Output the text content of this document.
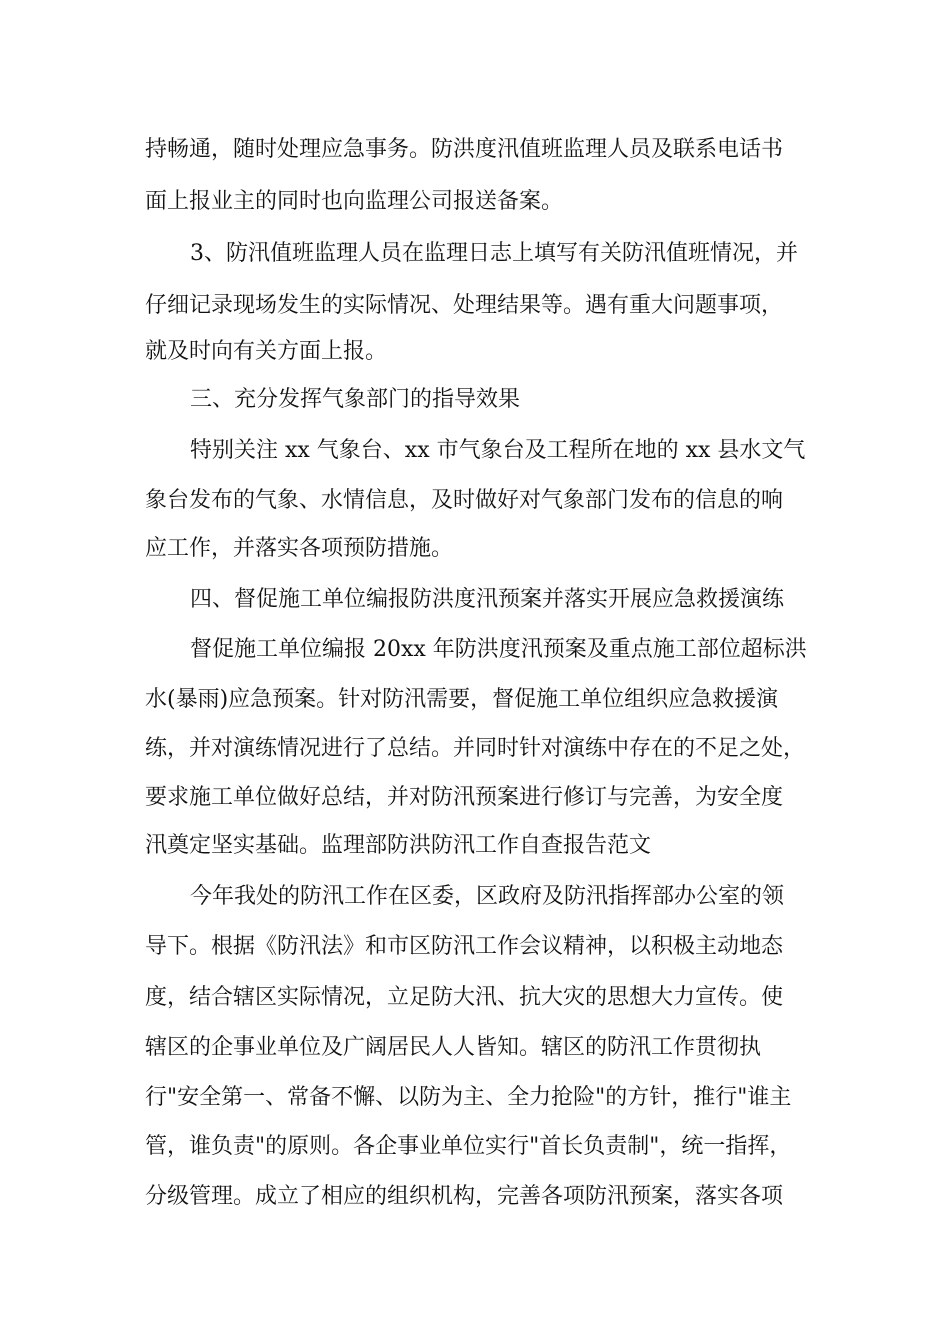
持畅通，随时处理应急事务。防洪度汛值班监理人员及联系电话书
面上报业主的同时也向监理公司报送备案。
3、防汛值班监理人员在监理日志上填写有关防汛值班情况，并
仔细记录现场发生的实际情况、处理结果等。遇有重大问题事项，
就及时向有关方面上报。
三、充分发挥气象部门的指导效果
特别关注 xx 气象台、xx 市气象台及工程所在地的 xx 县水文气
象台发布的气象、水情信息，及时做好对气象部门发布的信息的响
应工作，并落实各项预防措施。
四、督促施工单位编报防洪度汛预案并落实开展应急救援演练
督促施工单位编报 20xx 年防洪度汛预案及重点施工部位超标洪
水(暴雨)应急预案。针对防汛需要，督促施工单位组织应急救援演
练，并对演练情况进行了总结。并同时针对演练中存在的不足之处，
要求施工单位做好总结，并对防汛预案进行修订与完善，为安全度
汛奠定坚实基础。监理部防洪防汛工作自查报告范文
今年我处的防汛工作在区委，区政府及防汛指挥部办公室的领
导下。根据《防汛法》和市区防汛工作会议精神，以积极主动地态
度，结合辖区实际情况，立足防大汛、抗大灾的思想大力宣传。使
辖区的企事业单位及广阔居民人人皆知。辖区的防汛工作贯彻执
行"安全第一、常备不懈、以防为主、全力抢险"的方针，推行"谁主
管，谁负责"的原则。各企事业单位实行"首长负责制"，统一指挥，
分级管理。成立了相应的组织机构，完善各项防汛预案，落实各项
